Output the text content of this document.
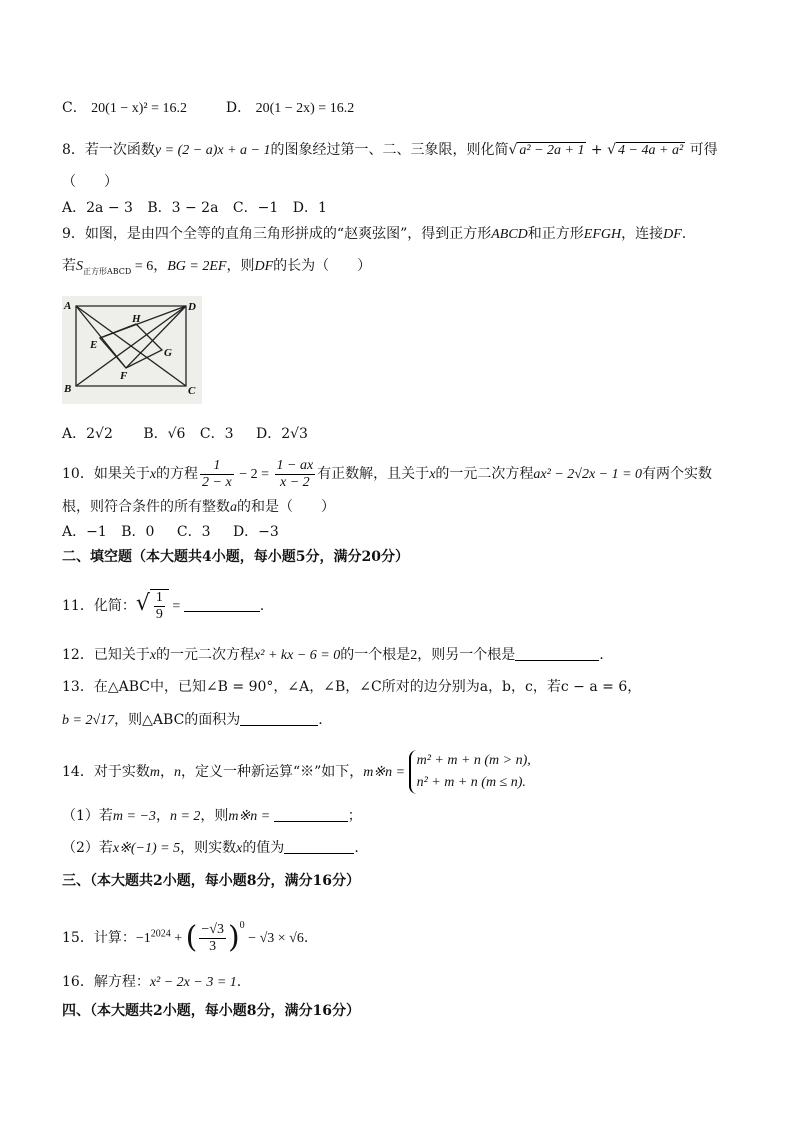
C． 20(1 − x)² = 16.2	D． 20(1 − 2x) = 16.2
8．若一次函数y = (2 − a)x + a − 1的图象经过第一、二、三象限，则化简√ a² − 2a + 1 + √ 4 − 4a + a² 可得
（　　）
A．2a − 3 B．3 − 2a C．−1 D．1
9．如图，是由四个全等的直角三角形拼成的“赵爽弦图”，得到正方形ABCD和正方形EFGH，连接DF.
若$S_{正方形ABCD} = 6$，BG = 2EF，则DF的长为（　　）
A	D
B	C
E
F
G
H
A．2√2 B．√6 C．3 D．2√3
10．如果关于x的方程 $\frac{1}{2 - x} - 2 = \frac{1 - ax}{x - 2}$ 有正数解，且关于x的一元二次方程ax² − 2√2x − 1 = 0有两个实数
根，则符合条件的所有整数a的和是（　　）
A．−1 B．0 C．3 D．−3
二、填空题（本大题共4小题，每小题5分，满分20分）
11．化简：√ $\frac{1}{9}$ =	.
12．已知关于x的一元二次方程x² + kx − 6 = 0的一个根是2，则另一个根是	.
13．在△ABC中，已知∠B = 90°，∠A，∠B，∠C所对的边分别为a，b，c，若c − a = 6，
b = 2√17，则△ABC的面积为	.
14．对于实数m，n，定义一种新运算“※”如下，m※n =
m² + m + n (m > n),
n² + m + n (m ≤ n).
（1）若m = −3，n = 2，则m※n =	；
（2）若x※(−1) = 5，则实数x的值为	.
三、（本大题共2小题，每小题8分，满分16分）
15．计算：$-1^{2024}$ + ( $\frac{-√3}{3} )^0 - √3 \times √6$.
16．解方程：x² − 2x − 3 = 1.
四、（本大题共2小题，每小题8分，满分16分）
